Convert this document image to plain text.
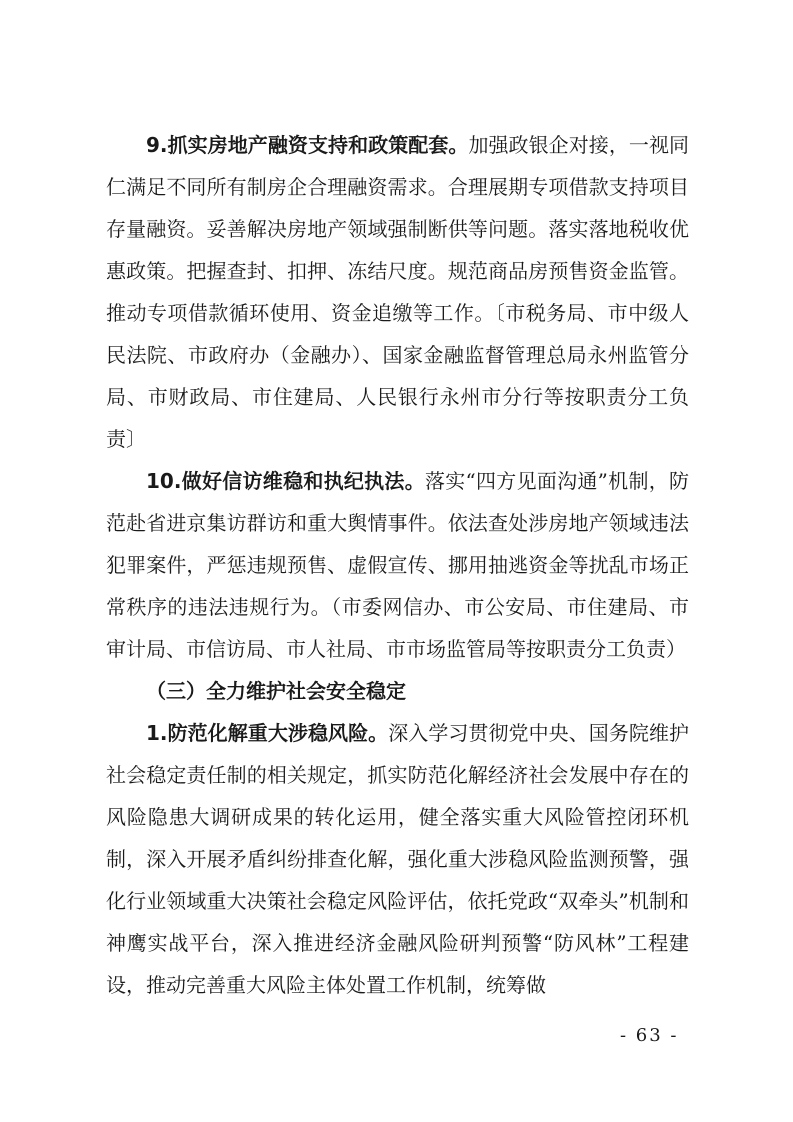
9.抓实房地产融资支持和政策配套。加强政银企对接，一视同仁满足不同所有制房企合理融资需求。合理展期专项借款支持项目存量融资。妥善解决房地产领域强制断供等问题。落实落地税收优惠政策。把握查封、扣押、冻结尺度。规范商品房预售资金监管。推动专项借款循环使用、资金追缴等工作。〔市税务局、市中级人民法院、市政府办（金融办）、国家金融监督管理总局永州监管分局、市财政局、市住建局、人民银行永州市分行等按职责分工负责〕

10.做好信访维稳和执纪执法。落实“四方见面沟通”机制，防范赴省进京集访群访和重大舆情事件。依法查处涉房地产领域违法犯罪案件，严惩违规预售、虚假宣传、挪用抽逃资金等扰乱市场正常秩序的违法违规行为。（市委网信办、市公安局、市住建局、市审计局、市信访局、市人社局、市市场监管局等按职责分工负责）

（三）全力维护社会安全稳定

1.防范化解重大涉稳风险。深入学习贯彻党中央、国务院维护社会稳定责任制的相关规定，抓实防范化解经济社会发展中存在的风险隐患大调研成果的转化运用，健全落实重大风险管控闭环机制，深入开展矛盾纠纷排查化解，强化重大涉稳风险监测预警，强化行业领域重大决策社会稳定风险评估，依托党政“双牵头”机制和神鹰实战平台，深入推进经济金融风险研判预警“防风林”工程建设，推动完善重大风险主体处置工作机制，统筹做

- 63 -
